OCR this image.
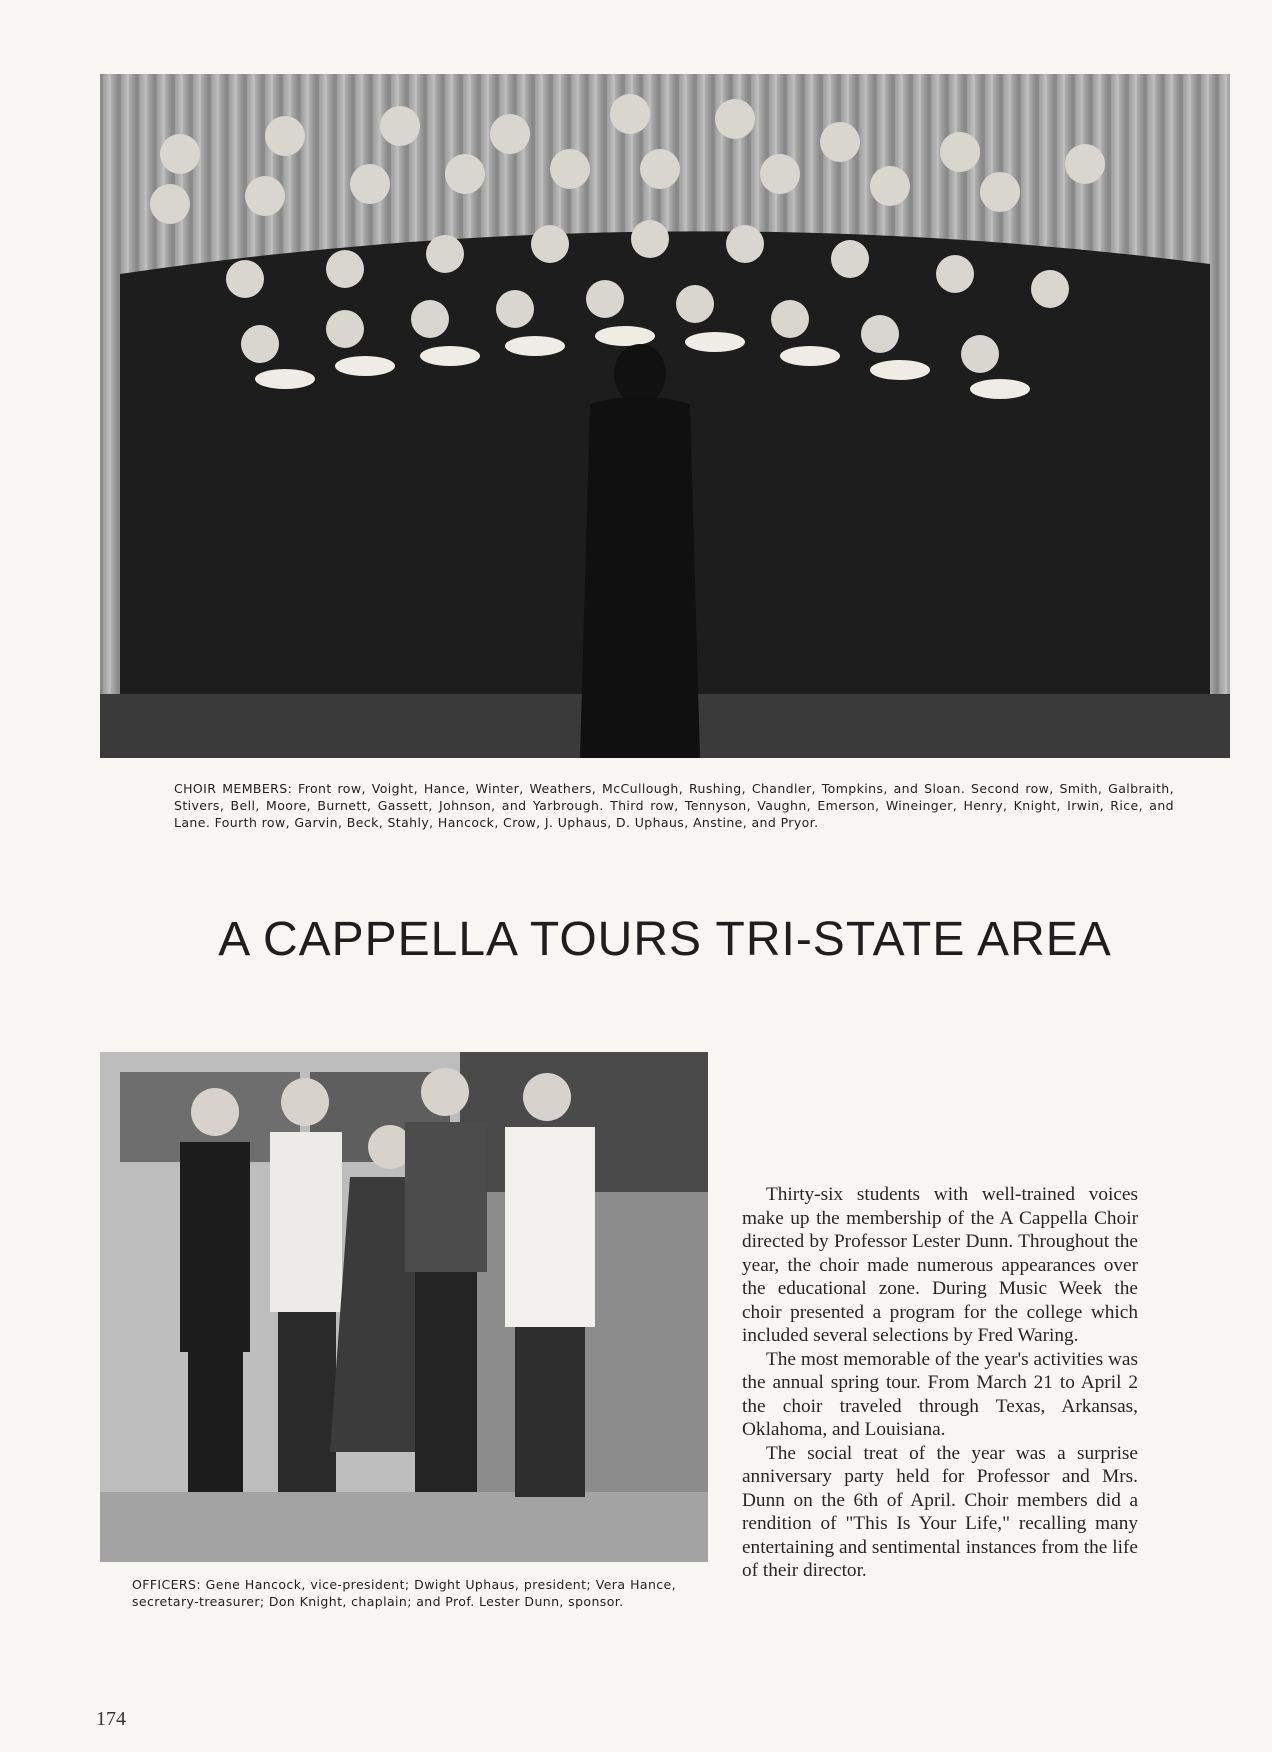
CHOIR MEMBERS: Front row, Voight, Hance, Winter, Weathers, McCullough, Rushing, Chandler, Tompkins, and Sloan. Second row, Smith, Galbraith, Stivers, Bell, Moore, Burnett, Gassett, Johnson, and Yarbrough. Third row, Tennyson, Vaughn, Emerson, Wineinger, Henry, Knight, Irwin, Rice, and Lane. Fourth row, Garvin, Beck, Stahly, Hancock, Crow, J. Uphaus, D. Uphaus, Anstine, and Pryor.
A CAPPELLA TOURS TRI-STATE AREA
OFFICERS: Gene Hancock, vice-president; Dwight Uphaus, president; Vera Hance, secretary-treasurer; Don Knight, chaplain; and Prof. Lester Dunn, sponsor.

Thirty-six students with well-trained voices make up the membership of the A Cappella Choir directed by Professor Lester Dunn. Throughout the year, the choir made numerous appearances over the educational zone. During Music Week the choir presented a program for the college which included several selections by Fred Waring.

The most memorable of the year's activities was the annual spring tour. From March 21 to April 2 the choir traveled through Texas, Arkansas, Oklahoma, and Louisiana.

The social treat of the year was a surprise anniversary party held for Professor and Mrs. Dunn on the 6th of April. Choir members did a rendition of "This Is Your Life," recalling many entertaining and sentimental instances from the life of their director.

174
